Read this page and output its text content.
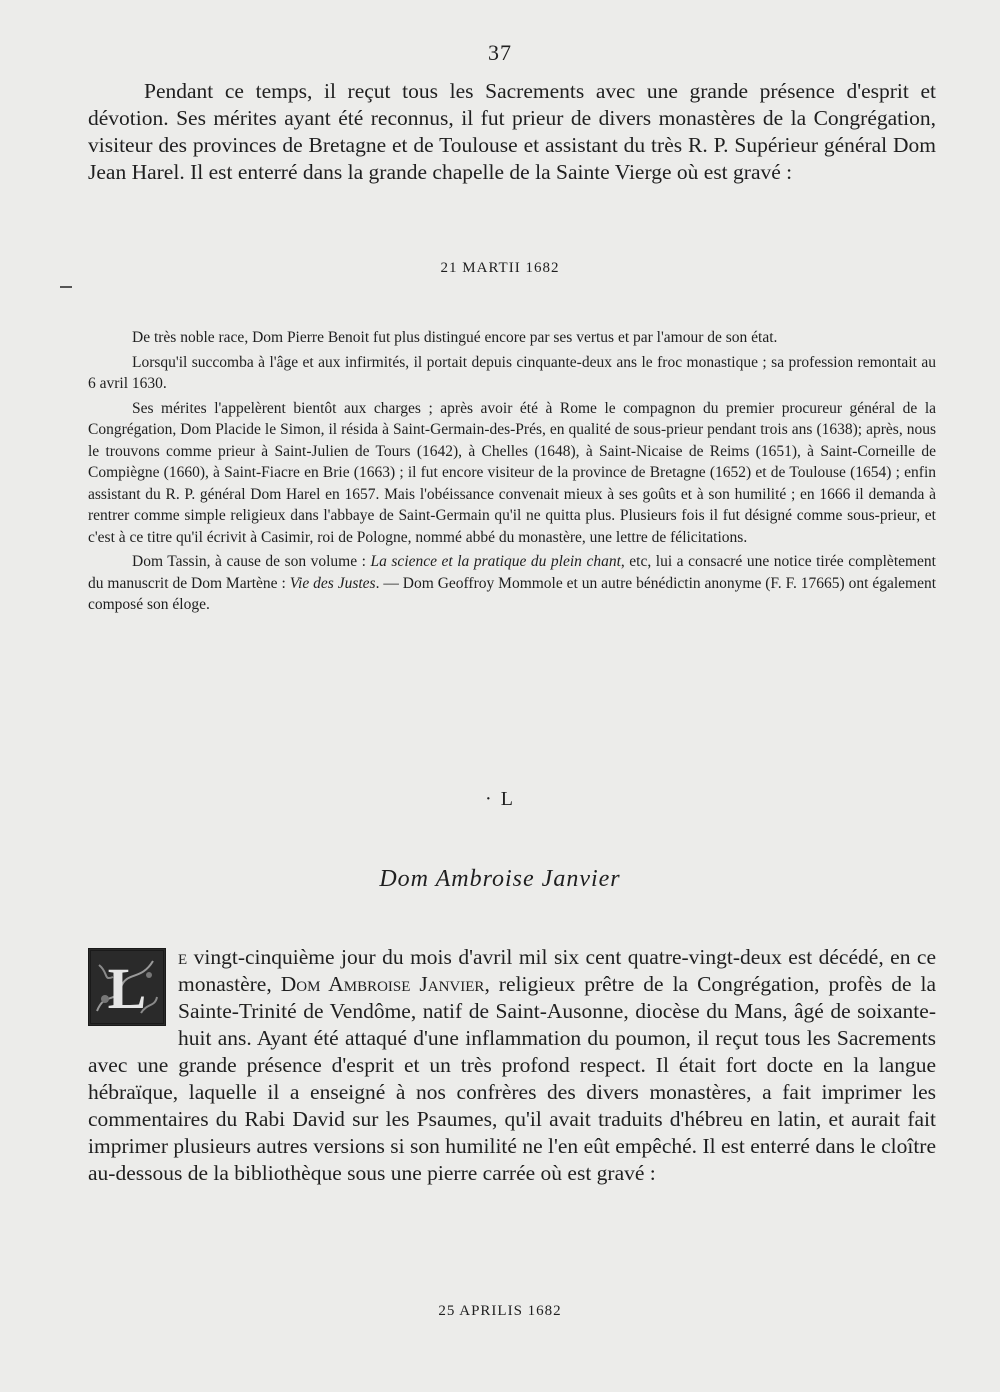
37

Pendant ce temps, il reçut tous les Sacrements avec une grande présence d'esprit et dévotion. Ses mérites ayant été reconnus, il fut prieur de divers monastères de la Congrégation, visiteur des provinces de Bretagne et de Toulouse et assistant du très R. P. Supérieur général Dom Jean Harel. Il est enterré dans la grande chapelle de la Sainte Vierge où est gravé :

21 MARTII 1682

De très noble race, Dom Pierre Benoit fut plus distingué encore par ses vertus et par l'amour de son état.

Lorsqu'il succomba à l'âge et aux infirmités, il portait depuis cinquante-deux ans le froc monastique ; sa profession remontait au 6 avril 1630.

Ses mérites l'appelèrent bientôt aux charges ; après avoir été à Rome le compagnon du premier procureur général de la Congrégation, Dom Placide le Simon, il résida à Saint-Germain-des-Prés, en qualité de sous-prieur pendant trois ans (1638); après, nous le trouvons comme prieur à Saint-Julien de Tours (1642), à Chelles (1648), à Saint-Nicaise de Reims (1651), à Saint-Corneille de Compiègne (1660), à Saint-Fiacre en Brie (1663) ; il fut encore visiteur de la province de Bretagne (1652) et de Toulouse (1654) ; enfin assistant du R. P. général Dom Harel en 1657. Mais l'obéissance convenait mieux à ses goûts et à son humilité ; en 1666 il demanda à rentrer comme simple religieux dans l'abbaye de Saint-Germain qu'il ne quitta plus. Plusieurs fois il fut désigné comme sous-prieur, et c'est à ce titre qu'il écrivit à Casimir, roi de Pologne, nommé abbé du monastère, une lettre de félicitations.

Dom Tassin, à cause de son volume : La science et la pratique du plein chant, etc, lui a consacré une notice tirée complètement du manuscrit de Dom Martène : Vie des Justes. — Dom Geoffroy Mommole et un autre bénédictin anonyme (F. F. 17665) ont également composé son éloge.

· L
Dom Ambroise Janvier
L	e vingt-cinquième jour du mois d'avril mil six cent quatre-vingt-deux est décédé, en ce monastère, Dom Ambroise Janvier, religieux prêtre de la Congrégation, profès de la Sainte-Trinité de Vendôme, natif de Saint-Ausonne, diocèse du Mans, âgé de soixante-huit ans. Ayant été attaqué d'une inflammation du poumon, il reçut tous les Sacrements avec une grande présence d'esprit et un très profond respect. Il était fort docte en la langue hébraïque, laquelle il a enseigné à nos confrères des divers monastères, a fait imprimer les commentaires du Rabi David sur les Psaumes, qu'il avait traduits d'hébreu en latin, et aurait fait imprimer plusieurs autres versions si son humilité ne l'en eût empêché. Il est enterré dans le cloître au-dessous de la bibliothèque sous une pierre carrée où est gravé :

25 APRILIS 1682
